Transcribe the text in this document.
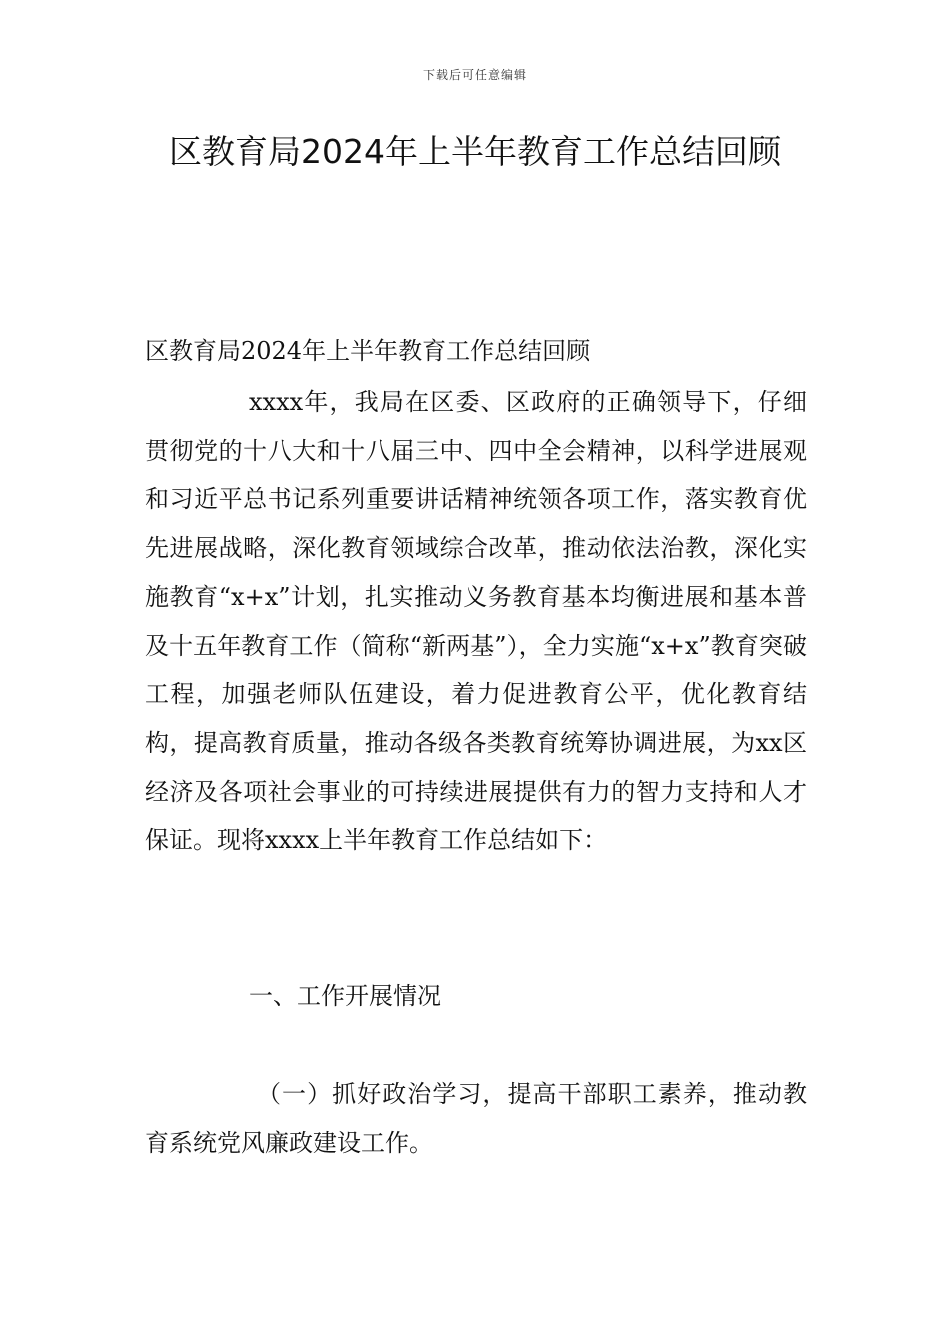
下载后可任意编辑
区教育局2024年上半年教育工作总结回顾

区教育局2024年上半年教育工作总结回顾

xxxx年，我局在区委、区政府的正确领导下，仔细贯彻党的十八大和十八届三中、四中全会精神，以科学进展观和习近平总书记系列重要讲话精神统领各项工作，落实教育优先进展战略，深化教育领域综合改革，推动依法治教，深化实施教育“x+x”计划，扎实推动义务教育基本均衡进展和基本普及十五年教育工作（简称“新两基”），全力实施“x+x”教育突破工程，加强老师队伍建设，着力促进教育公平，优化教育结构，提高教育质量，推动各级各类教育统筹协调进展，为xx区经济及各项社会事业的可持续进展提供有力的智力支持和人才保证。现将xxxx上半年教育工作总结如下：

一、工作开展情况

（一）抓好政治学习，提高干部职工素养，推动教育系统党风廉政建设工作。
